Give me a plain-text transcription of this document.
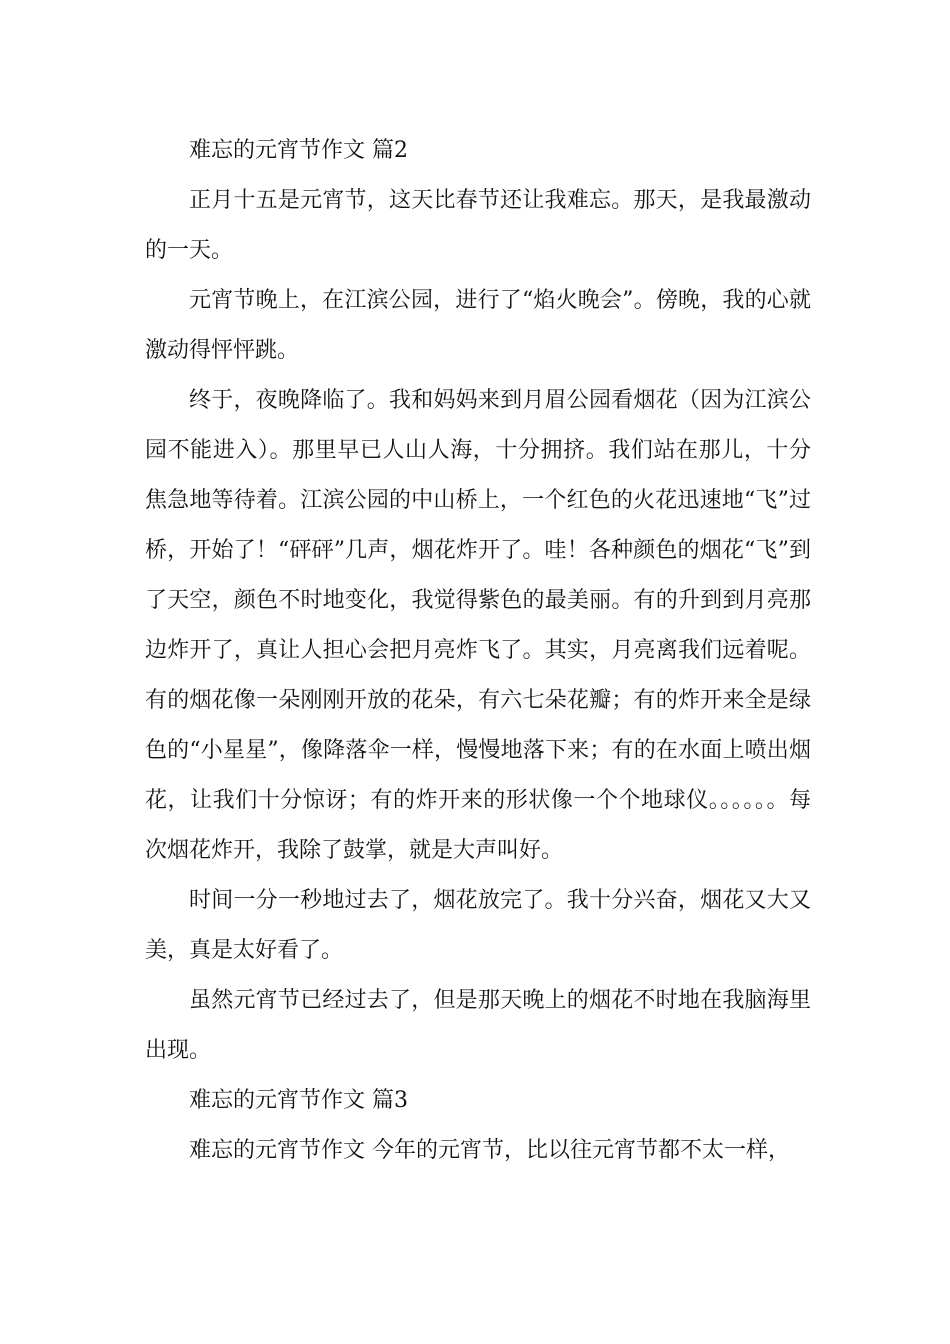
难忘的元宵节作文 篇2

正月十五是元宵节，这天比春节还让我难忘。那天，是我最激动的一天。

元宵节晚上，在江滨公园，进行了“焰火晚会”。傍晚，我的心就激动得怦怦跳。

终于，夜晚降临了。我和妈妈来到月眉公园看烟花（因为江滨公园不能进入）。那里早已人山人海，十分拥挤。我们站在那儿，十分焦急地等待着。江滨公园的中山桥上，一个红色的火花迅速地“飞”过桥，开始了！“砰砰”几声，烟花炸开了。哇！各种颜色的烟花“飞”到了天空，颜色不时地变化，我觉得紫色的最美丽。有的升到到月亮那边炸开了，真让人担心会把月亮炸飞了。其实，月亮离我们远着呢。有的烟花像一朵刚刚开放的花朵，有六七朵花瓣；有的炸开来全是绿色的“小星星”，像降落伞一样，慢慢地落下来；有的在水面上喷出烟花，让我们十分惊讶；有的炸开来的形状像一个个地球仪。。。。。。每次烟花炸开，我除了鼓掌，就是大声叫好。

时间一分一秒地过去了，烟花放完了。我十分兴奋，烟花又大又美，真是太好看了。

虽然元宵节已经过去了，但是那天晚上的烟花不时地在我脑海里出现。

难忘的元宵节作文 篇3

难忘的元宵节作文 今年的元宵节，比以往元宵节都不太一样，
